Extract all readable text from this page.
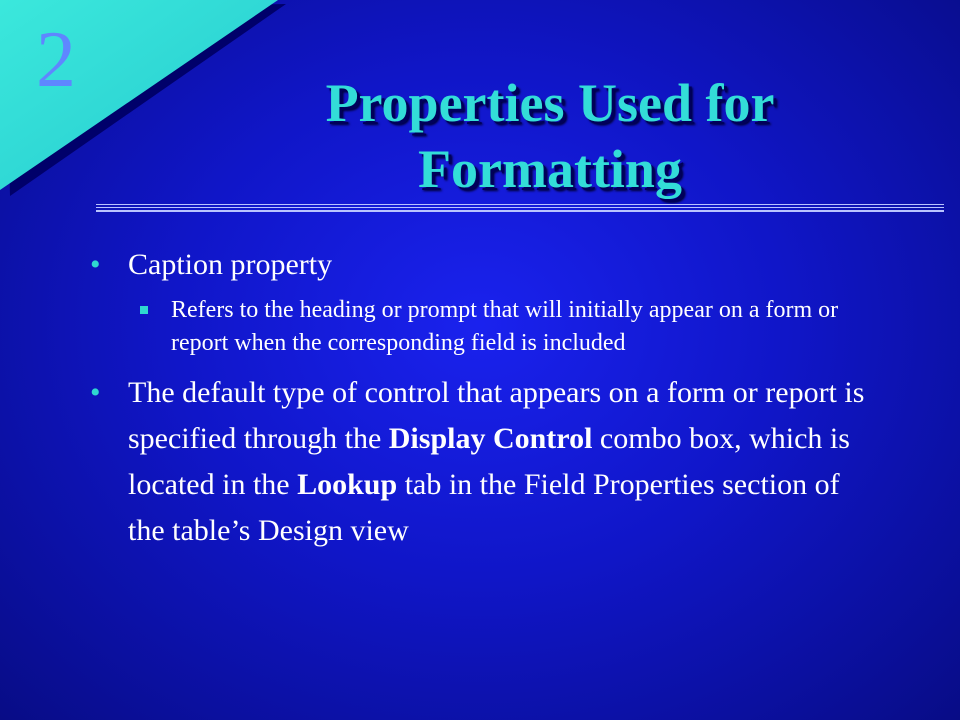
2	Properties Used for
Formatting
• Caption property
Refers to the heading or prompt that will initially appear on a form or report when the corresponding field is included
• The default type of control that appears on a form or report is specified through the Display Control combo box, which is located in the Lookup tab in the Field Properties section of the table’s Design view
